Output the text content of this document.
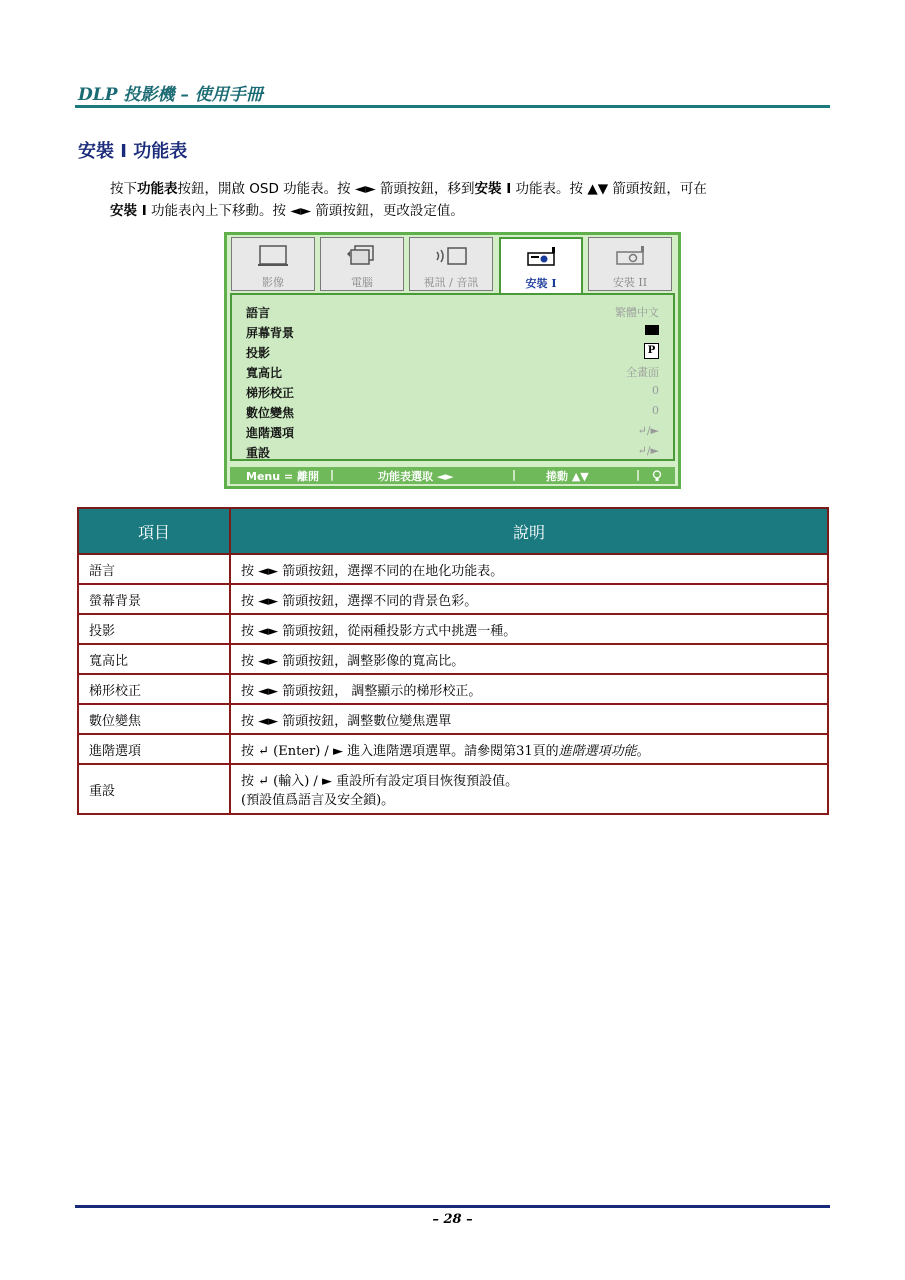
DLP 投影機 – 使用手冊
安裝 I 功能表
按下功能表按鈕，開啟 OSD 功能表。按 ◄► 箭頭按鈕，移到安裝 I 功能表。按 ▲▼ 箭頭按鈕，可在
安裝 I 功能表內上下移動。按 ◄► 箭頭按鈕，更改設定值。
影像	電腦	視訊 / 音訊	安裝 I	安裝 II
語言	繁體中文
屏幕背景
投影	P
寬高比	全畫面
梯形校正	0
數位變焦	0
進階選項	↵/►
重設	↵/►
Menu = 離開 |	功能表選取 ◄►	|	捲動 ▲▼	|
項目	說明
語言	按 ◄► 箭頭按鈕，選擇不同的在地化功能表。
螢幕背景	按 ◄► 箭頭按鈕，選擇不同的背景色彩。
投影	按 ◄► 箭頭按鈕，從兩種投影方式中挑選一種。
寬高比	按 ◄► 箭頭按鈕，調整影像的寬高比。
梯形校正	按 ◄► 箭頭按鈕， 調整顯示的梯形校正。
數位變焦	按 ◄► 箭頭按鈕，調整數位變焦選單
進階選項	按 ↵ (Enter) / ► 進入進階選項選單。請參閱第31頁的進階選項功能。
重設	按 ↵ (輸入) / ► 重設所有設定項目恢復預設值。
(預設值爲語言及安全鎖)。
– 28 –
